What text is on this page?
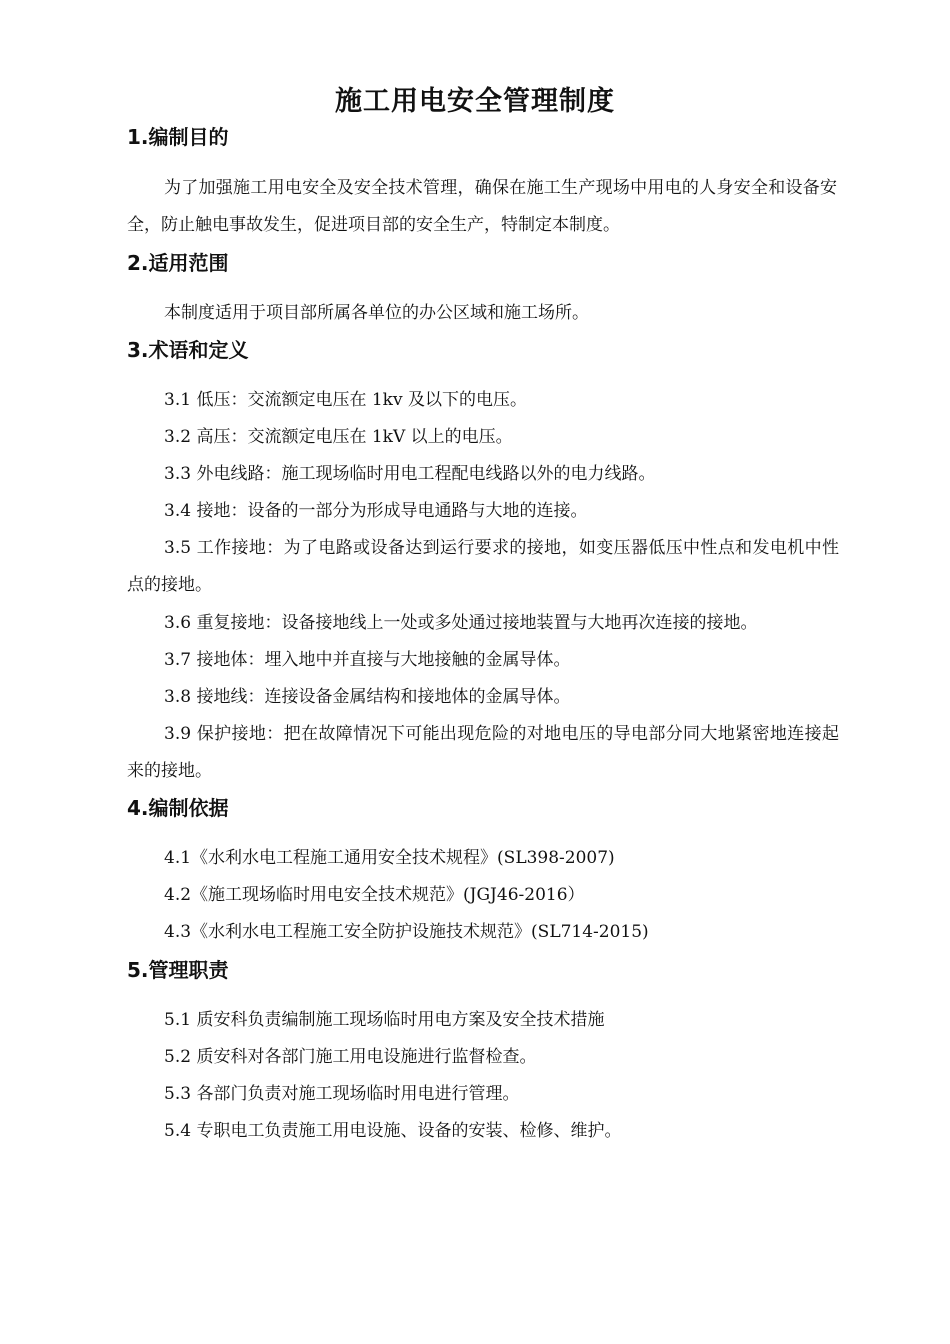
施工用电安全管理制度
1.编制目的
为了加强施工用电安全及安全技术管理，确保在施工生产现场中用电的人身安全和设备安全，防止触电事故发生，促进项目部的安全生产，特制定本制度。
2.适用范围
本制度适用于项目部所属各单位的办公区域和施工场所。
3.术语和定义
3.1 低压：交流额定电压在 1kv 及以下的电压。
3.2 高压：交流额定电压在 1kV 以上的电压。
3.3 外电线路：施工现场临时用电工程配电线路以外的电力线路。
3.4 接地：设备的一部分为形成导电通路与大地的连接。
3.5 工作接地：为了电路或设备达到运行要求的接地，如变压器低压中性点和发电机中性点的接地。
3.6 重复接地：设备接地线上一处或多处通过接地装置与大地再次连接的接地。
3.7 接地体：埋入地中并直接与大地接触的金属导体。
3.8 接地线：连接设备金属结构和接地体的金属导体。
3.9 保护接地：把在故障情况下可能出现危险的对地电压的导电部分同大地紧密地连接起来的接地。
4.编制依据
4.1《水利水电工程施工通用安全技术规程》(SL398-2007)
4.2《施工现场临时用电安全技术规范》(JGJ46-2016）
4.3《水利水电工程施工安全防护设施技术规范》(SL714-2015)
5.管理职责
5.1 质安科负责编制施工现场临时用电方案及安全技术措施
5.2 质安科对各部门施工用电设施进行监督检查。
5.3 各部门负责对施工现场临时用电进行管理。
5.4 专职电工负责施工用电设施、设备的安装、检修、维护。
